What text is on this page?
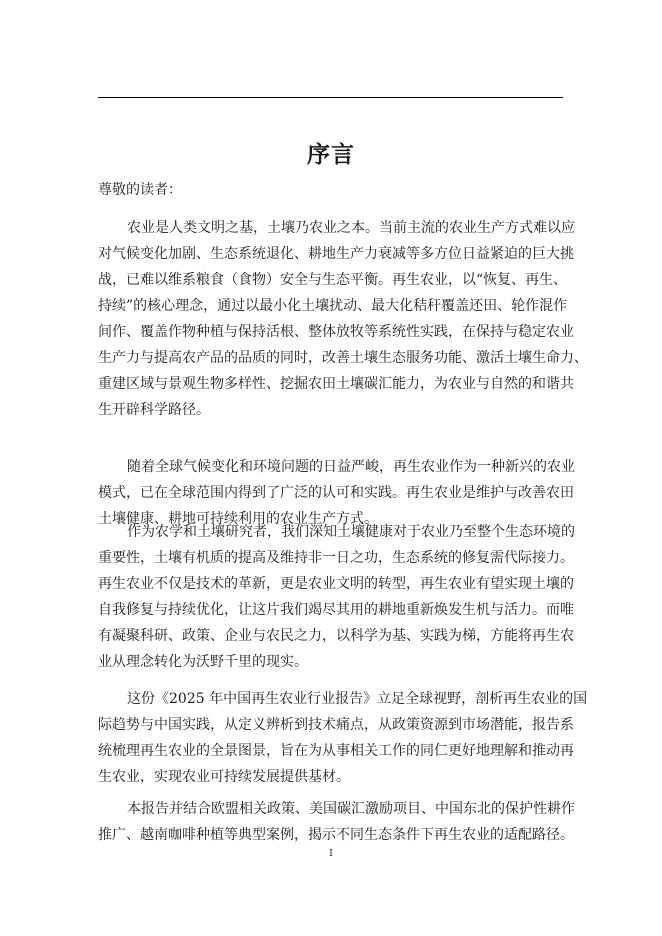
序言
尊敬的读者：
农业是人类文明之基，土壤乃农业之本。当前主流的农业生产方式难以应
对气候变化加剧、生态系统退化、耕地生产力衰减等多方位日益紧迫的巨大挑
战，已难以维系粮食（食物）安全与生态平衡。再生农业，以“恢复、再生、
持续”的核心理念，通过以最小化土壤扰动、最大化秸秆覆盖还田、轮作混作
间作、覆盖作物种植与保持活根、整体放牧等系统性实践，在保持与稳定农业
生产力与提高农产品的品质的同时，改善土壤生态服务功能、激活土壤生命力、
重建区域与景观生物多样性、挖掘农田土壤碳汇能力，为农业与自然的和谐共
生开辟科学路径。
随着全球气候变化和环境问题的日益严峻，再生农业作为一种新兴的农业
模式，已在全球范围内得到了广泛的认可和实践。再生农业是维护与改善农田
土壤健康、耕地可持续利用的农业生产方式。
作为农学和土壤研究者，我们深知土壤健康对于农业乃至整个生态环境的
重要性，土壤有机质的提高及维持非一日之功，生态系统的修复需代际接力。
再生农业不仅是技术的革新，更是农业文明的转型，再生农业有望实现土壤的
自我修复与持续优化，让这片我们竭尽其用的耕地重新焕发生机与活力。而唯
有凝聚科研、政策、企业与农民之力，以科学为基、实践为梯，方能将再生农
业从理念转化为沃野千里的现实。
这份《2025 年中国再生农业行业报告》立足全球视野，剖析再生农业的国
际趋势与中国实践，从定义辨析到技术痛点，从政策资源到市场潜能，报告系
统梳理再生农业的全景图景，旨在为从事相关工作的同仁更好地理解和推动再
生农业，实现农业可持续发展提供基材。
本报告并结合欧盟相关政策、美国碳汇激励项目、中国东北的保护性耕作
推广、越南咖啡种植等典型案例，揭示不同生态条件下再生农业的适配路径。
I
